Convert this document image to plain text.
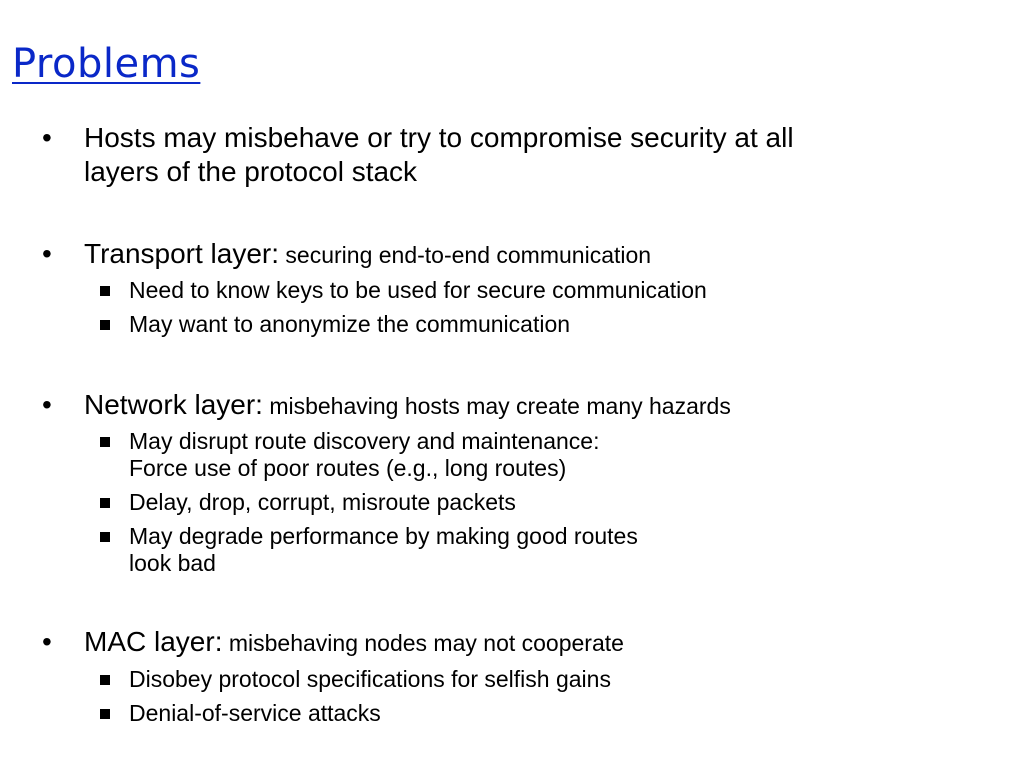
Problems
• Hosts may misbehave or try to compromise security at all
layers of the protocol stack
• Transport layer: securing end-to-end communication
Need to know keys to be used for secure communication
May want to anonymize the communication
• Network layer: misbehaving hosts may create many hazards
May disrupt route discovery and maintenance:
Force use of poor routes (e.g., long routes)
Delay, drop, corrupt, misroute packets
May degrade performance by making good routes
look bad
• MAC layer: misbehaving nodes may not cooperate
Disobey protocol specifications for selfish gains
Denial-of-service attacks
